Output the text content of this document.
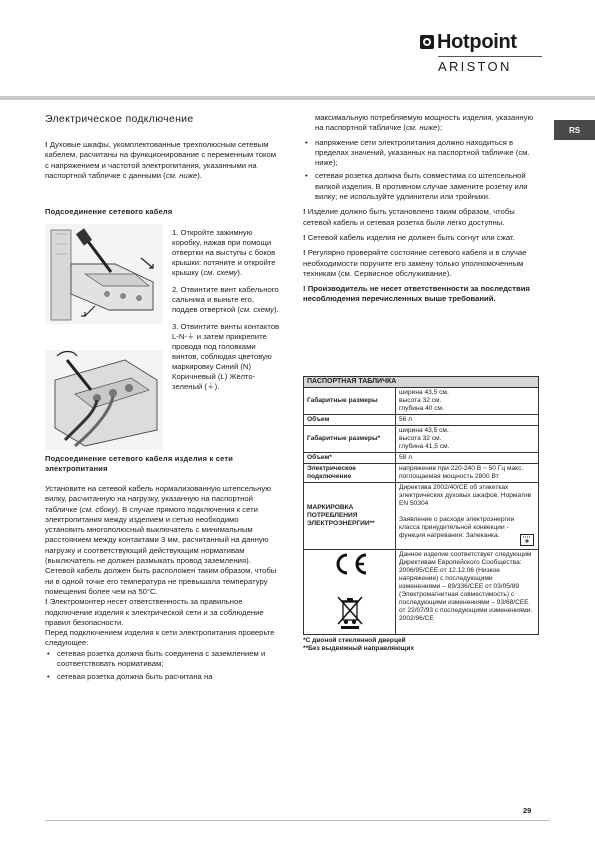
Hotpoint
ARISTON
RS
Электрическое подключение

! Духовые шкафы, укомплектованные трехполюсным сетевым кабелем, расчитаны на функционирование с переменным током с напряжением и частотой электропитания, указанными на паспортной табличке с данными (см. ниже).

Подсоединение сетевого кабеля

1. Откройте зажимную коробку, нажав при помощи отвертки на выступы с боков крышки: потяните и откройте крышку (см. схему).

2. Отвинтите винт кабельного сальника и выньте его, поддев отверткой (см. схему).

3. Отвинтите винты контактов L-N-⏚ и затем прикрепите провода под головками винтов, соблюдая цветовую маркировку Синий (N) Коричневый (L) Желто-зеленый (⏚).

Подсоединение сетевого кабеля изделия к сети электропитания

Установите на сетевой кабель нормализованную штепсельную вилку, расчитанную на нагрузку, указанную на паспортной табличке (см. сбоку). В случае прямого подключения к сети электропитания между изделием и сетью необходимо установить многополюсный выключатель с минимальным расстоянием между контактами 3 мм, расчитанный на данную нагрузку и соответствующий действующим нормативам (выключатель не должен размыкать провод заземления). Сетевой кабель должен быть расположен таким образом, чтобы ни в одной точке его температура не превышала температуру помещения более чем на 50°С.

! Электромонтер несет ответственность за правильное подключение изделия к электрической сети и за соблюдение правил безопасности.

Перед подключением изделия к сети электропитания проверьте следующее:

• сетевая розетка должна быть соединена с заземлением и соответствовать нормативам;
• сетевая розетка должна быть расчитана на

максимальную потребляемую мощность изделия, указанную на паспортной табличке (см. ниже);

• напряжение сети электропитания должно находиться в пределах значений, указанных на паспортной табличке (см. ниже);
• сетевая розетка должна быть совместима со штепсельной вилкой изделия. В противном случае замените розетку или вилку; не используйте удлинители или тройники.

! Изделие должно быть установлено таким образом, чтобы сетевой кабель и сетевая розетка были легко доступны.

! Сетевой кабель изделия не должен быть согнут или сжат.

! Регулярно проверяйте состояние сетевого кабеля и в случае необходимости поручите его замену только уполномоченным техникам (см. Сервисное обслуживание).

! Производитель не несет ответственности за последствия несоблюдения перечисленных выше требований.

ПАСПОРТНАЯ ТАБЛИЧКА	
Габаритные размеры	ширина 43,5 см.
высота 32 см.
глубина 40 см.
Объем	56 л
Габаритные размеры*	ширина 43,5 см.
высота 32 см.
глубина 41,5 см.
Объем*	58 л
Электрическое подключение	напряжение при 220-240 В ~ 50 Гц макс. поглощаемая мощность 2800 Вт
МАРКИРОВКА ПОТРЕБЛЕНИЯ ЭЛЕКТРОЭНЕРГИИ**	Директива 2002/40/CE об этикетках электрических духовых шкафов. Норматив EN 50304

Заявление о расходе электроэнергии класса принудительной конвекции - функция нагревания: Запеканка.

	Данное изделие соответствует следующим Директивам Европейского Сообщества: 2006/95/CEE от 12.12.06 (Низкое напряжение) с последующими изменениями – 89/336/CEE от 03/05/89 (Электромагнитная совместимость) с последующими изменениями – 93/68/CEE от 22/07/93 с последующими изменениями. 2002/96/CE
*С двоной стеклянной дверцей
**Без выдвижный направляющих
29
